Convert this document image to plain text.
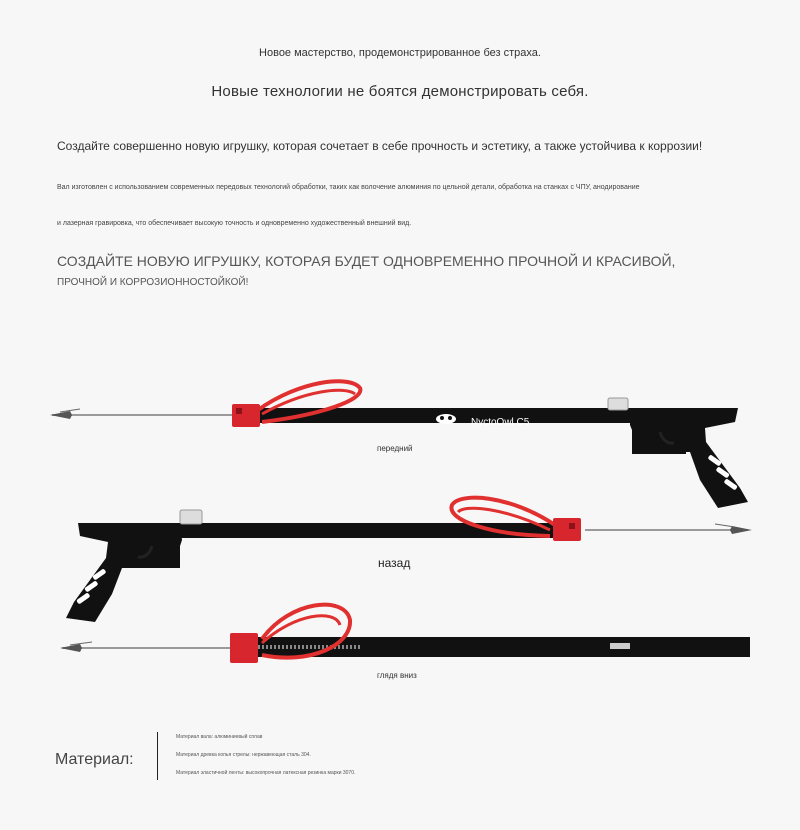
Новое мастерство, продемонстрированное без страха.
Новые технологии не боятся демонстрировать себя.
Создайте совершенно новую игрушку, которая сочетает в себе прочность и эстетику, а также устойчива к коррозии!
Вал изготовлен с использованием современных передовых технологий обработки, таких как волочение алюминия по цельной детали, обработка на станках с ЧПУ, анодирование
и лазерная гравировка, что обеспечивает высокую точность и одновременно художественный внешний вид.
СОЗДАЙТЕ НОВУЮ ИГРУШКУ, КОТОРАЯ БУДЕТ ОДНОВРЕМЕННО ПРОЧНОЙ И КРАСИВОЙ,
ПРОЧНОЙ И КОРРОЗИОННОСТОЙКОЙ!
NyctoOwl C5
передний
назад
глядя вниз
Материал:
Материал вала: алюминиевый сплав
Материал древка копья стрелы: нержавеющая сталь 304.
Материал эластичной ленты: высокопрочная латексная резинка марки 3070.
